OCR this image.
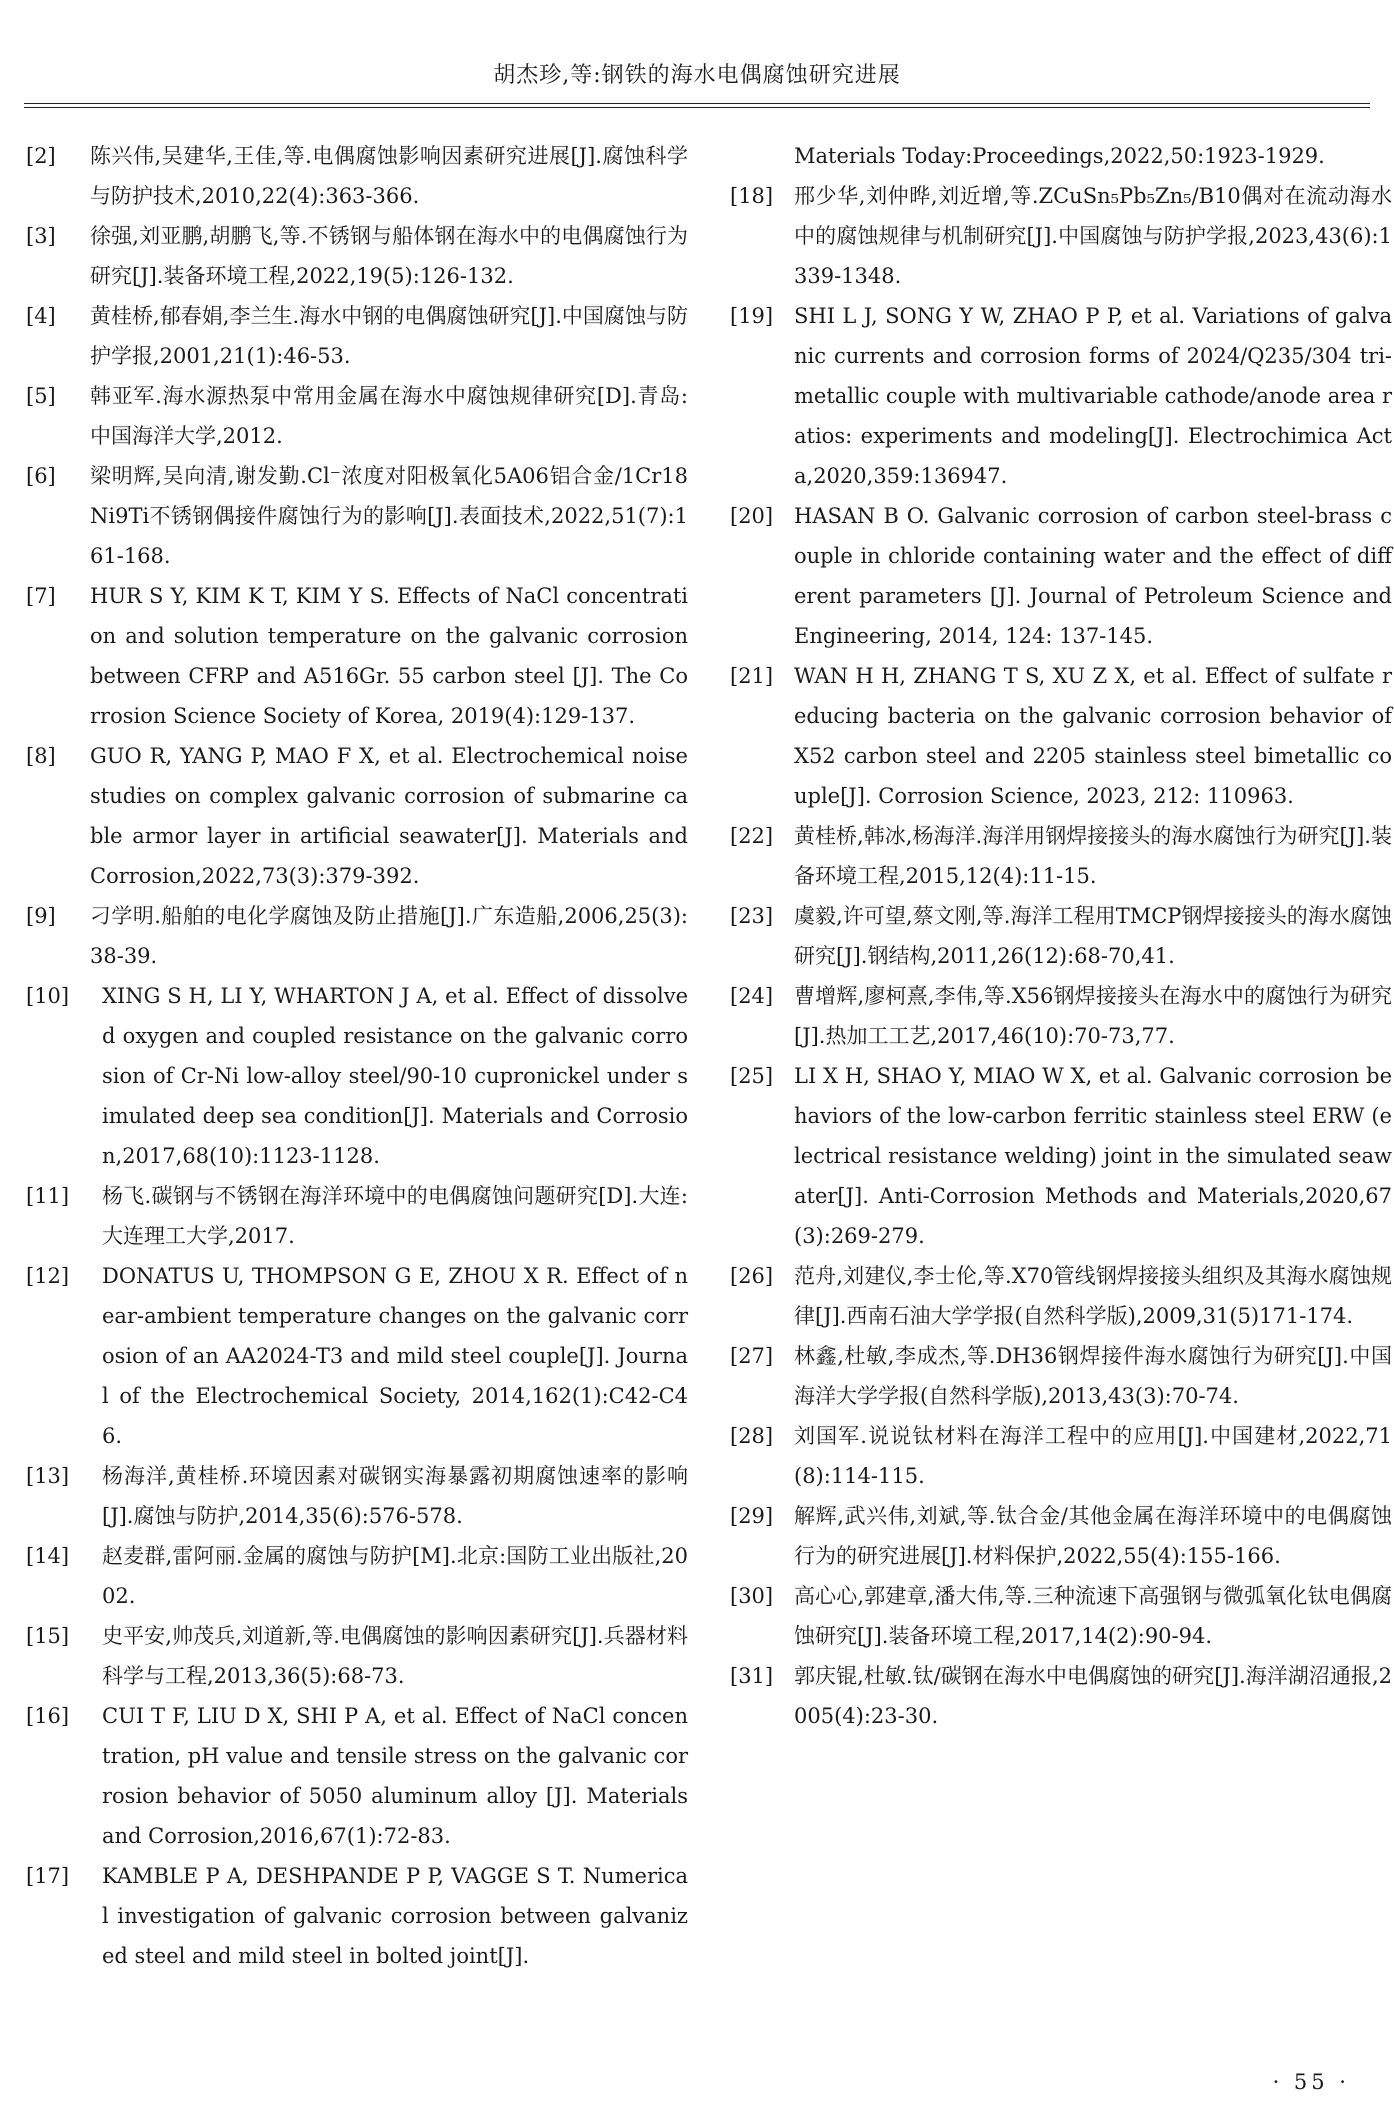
胡杰珍,等:钢铁的海水电偶腐蚀研究进展
[2]	陈兴伟,吴建华,王佳,等.电偶腐蚀影响因素研究进展[J].腐蚀科学与防护技术,2010,22(4):363-366.
[3]	徐强,刘亚鹏,胡鹏飞,等.不锈钢与船体钢在海水中的电偶腐蚀行为研究[J].装备环境工程,2022,19(5):126-132.
[4]	黄桂桥,郁春娟,李兰生.海水中钢的电偶腐蚀研究[J].中国腐蚀与防护学报,2001,21(1):46-53.
[5]	韩亚军.海水源热泵中常用金属在海水中腐蚀规律研究[D].青岛:中国海洋大学,2012.
[6]	梁明辉,吴向清,谢发勤.Cl⁻浓度对阳极氧化5A06铝合金/1Cr18Ni9Ti不锈钢偶接件腐蚀行为的影响[J].表面技术,2022,51(7):161-168.
[7]	HUR S Y, KIM K T, KIM Y S. Effects of NaCl concentration and solution temperature on the galvanic corrosion between CFRP and A516Gr. 55 carbon steel [J]. The Corrosion Science Society of Korea, 2019(4):129-137.
[8]	GUO R, YANG P, MAO F X, et al. Electrochemical noise studies on complex galvanic corrosion of submarine cable armor layer in artificial seawater[J]. Materials and Corrosion,2022,73(3):379-392.
[9]	刁学明.船舶的电化学腐蚀及防止措施[J].广东造船,2006,25(3):38-39.
[10]	XING S H, LI Y, WHARTON J A, et al. Effect of dissolved oxygen and coupled resistance on the galvanic corrosion of Cr-Ni low-alloy steel/90-10 cupronickel under simulated deep sea condition[J]. Materials and Corrosion,2017,68(10):1123-1128.
[11]	杨飞.碳钢与不锈钢在海洋环境中的电偶腐蚀问题研究[D].大连:大连理工大学,2017.
[12]	DONATUS U, THOMPSON G E, ZHOU X R. Effect of near-ambient temperature changes on the galvanic corrosion of an AA2024-T3 and mild steel couple[J]. Journal of the Electrochemical Society, 2014,162(1):C42-C46.
[13]	杨海洋,黄桂桥.环境因素对碳钢实海暴露初期腐蚀速率的影响[J].腐蚀与防护,2014,35(6):576-578.
[14]	赵麦群,雷阿丽.金属的腐蚀与防护[M].北京:国防工业出版社,2002.
[15]	史平安,帅茂兵,刘道新,等.电偶腐蚀的影响因素研究[J].兵器材料科学与工程,2013,36(5):68-73.
[16]	CUI T F, LIU D X, SHI P A, et al. Effect of NaCl concentration, pH value and tensile stress on the galvanic corrosion behavior of 5050 aluminum alloy [J]. Materials and Corrosion,2016,67(1):72-83.
[17]	KAMBLE P A, DESHPANDE P P, VAGGE S T. Numerical investigation of galvanic corrosion between galvanized steel and mild steel in bolted joint[J].
Materials Today:Proceedings,2022,50:1923-1929.
[18] 邢少华,刘仲晔,刘近增,等.ZCuSn₅Pb₅Zn₅/B10偶对在流动海水中的腐蚀规律与机制研究[J].中国腐蚀与防护学报,2023,43(6):1339-1348.
[19] SHI L J, SONG Y W, ZHAO P P, et al. Variations of galvanic currents and corrosion forms of 2024/Q235/304 tri-metallic couple with multivariable cathode/anode area ratios: experiments and modeling[J]. Electrochimica Acta,2020,359:136947.
[20] HASAN B O. Galvanic corrosion of carbon steel-brass couple in chloride containing water and the effect of different parameters [J]. Journal of Petroleum Science and Engineering, 2014, 124: 137-145.
[21] WAN H H, ZHANG T S, XU Z X, et al. Effect of sulfate reducing bacteria on the galvanic corrosion behavior of X52 carbon steel and 2205 stainless steel bimetallic couple[J]. Corrosion Science, 2023, 212: 110963.
[22] 黄桂桥,韩冰,杨海洋.海洋用钢焊接接头的海水腐蚀行为研究[J].装备环境工程,2015,12(4):11-15.
[23] 虞毅,许可望,蔡文刚,等.海洋工程用TMCP钢焊接接头的海水腐蚀研究[J].钢结构,2011,26(12):68-70,41.
[24] 曹增辉,廖柯熹,李伟,等.X56钢焊接接头在海水中的腐蚀行为研究[J].热加工工艺,2017,46(10):70-73,77.
[25] LI X H, SHAO Y, MIAO W X, et al. Galvanic corrosion behaviors of the low-carbon ferritic stainless steel ERW (electrical resistance welding) joint in the simulated seawater[J]. Anti-Corrosion Methods and Materials,2020,67(3):269-279.
[26] 范舟,刘建仪,李士伦,等.X70管线钢焊接接头组织及其海水腐蚀规律[J].西南石油大学学报(自然科学版),2009,31(5)171-174.
[27] 林鑫,杜敏,李成杰,等.DH36钢焊接件海水腐蚀行为研究[J].中国海洋大学学报(自然科学版),2013,43(3):70-74.
[28] 刘国军.说说钛材料在海洋工程中的应用[J].中国建材,2022,71(8):114-115.
[29] 解辉,武兴伟,刘斌,等.钛合金/其他金属在海洋环境中的电偶腐蚀行为的研究进展[J].材料保护,2022,55(4):155-166.
[30] 高心心,郭建章,潘大伟,等.三种流速下高强钢与微弧氧化钛电偶腐蚀研究[J].装备环境工程,2017,14(2):90-94.
[31] 郭庆锟,杜敏.钛/碳钢在海水中电偶腐蚀的研究[J].海洋湖沼通报,2005(4):23-30.
· 55 ·
